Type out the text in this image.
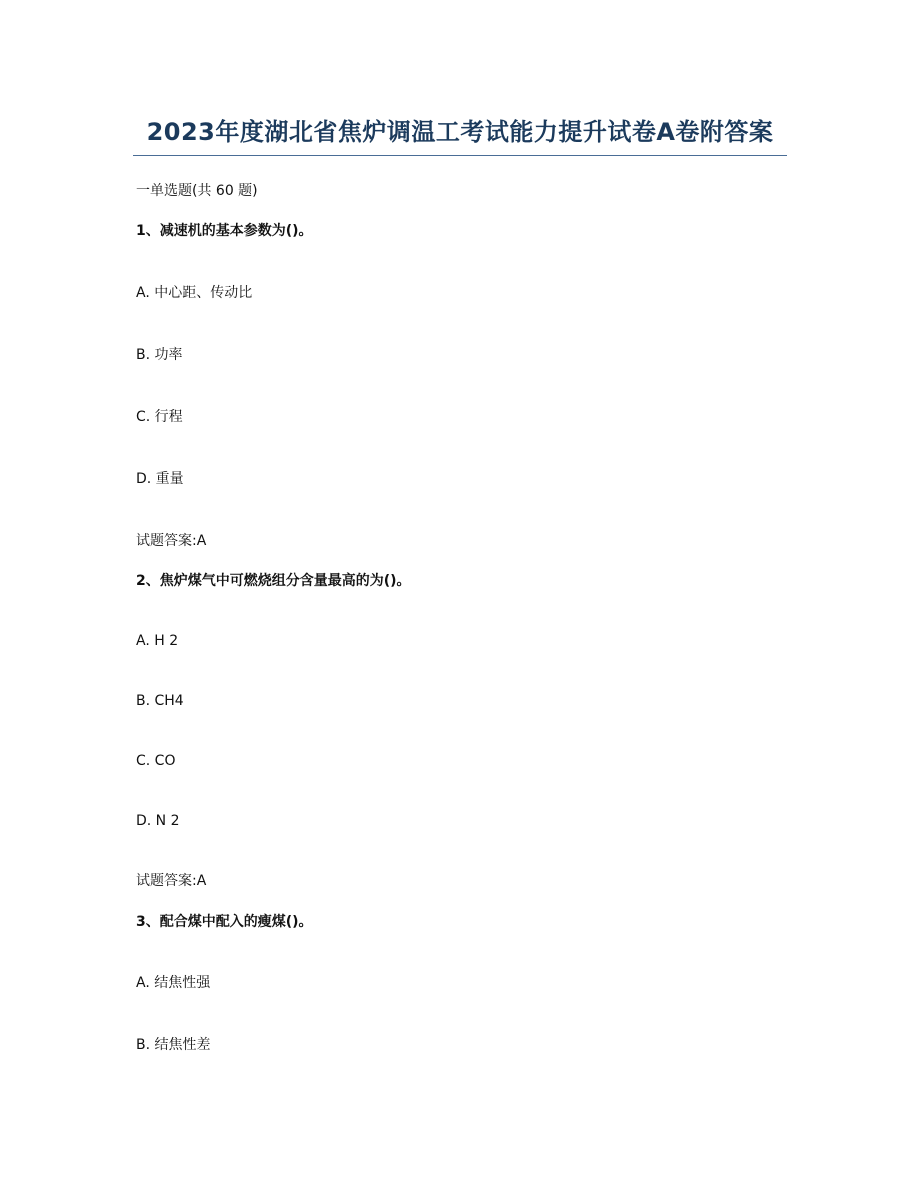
2023年度湖北省焦炉调温工考试能力提升试卷A卷附答案
一单选题(共 60 题)
1、减速机的基本参数为()。
A. 中心距、传动比
B. 功率
C. 行程
D. 重量
试题答案:A
2、焦炉煤气中可燃烧组分含量最高的为()。
A. H 2
B. CH4
C. CO
D. N 2
试题答案:A
3、配合煤中配入的瘦煤()。
A. 结焦性强
B. 结焦性差
